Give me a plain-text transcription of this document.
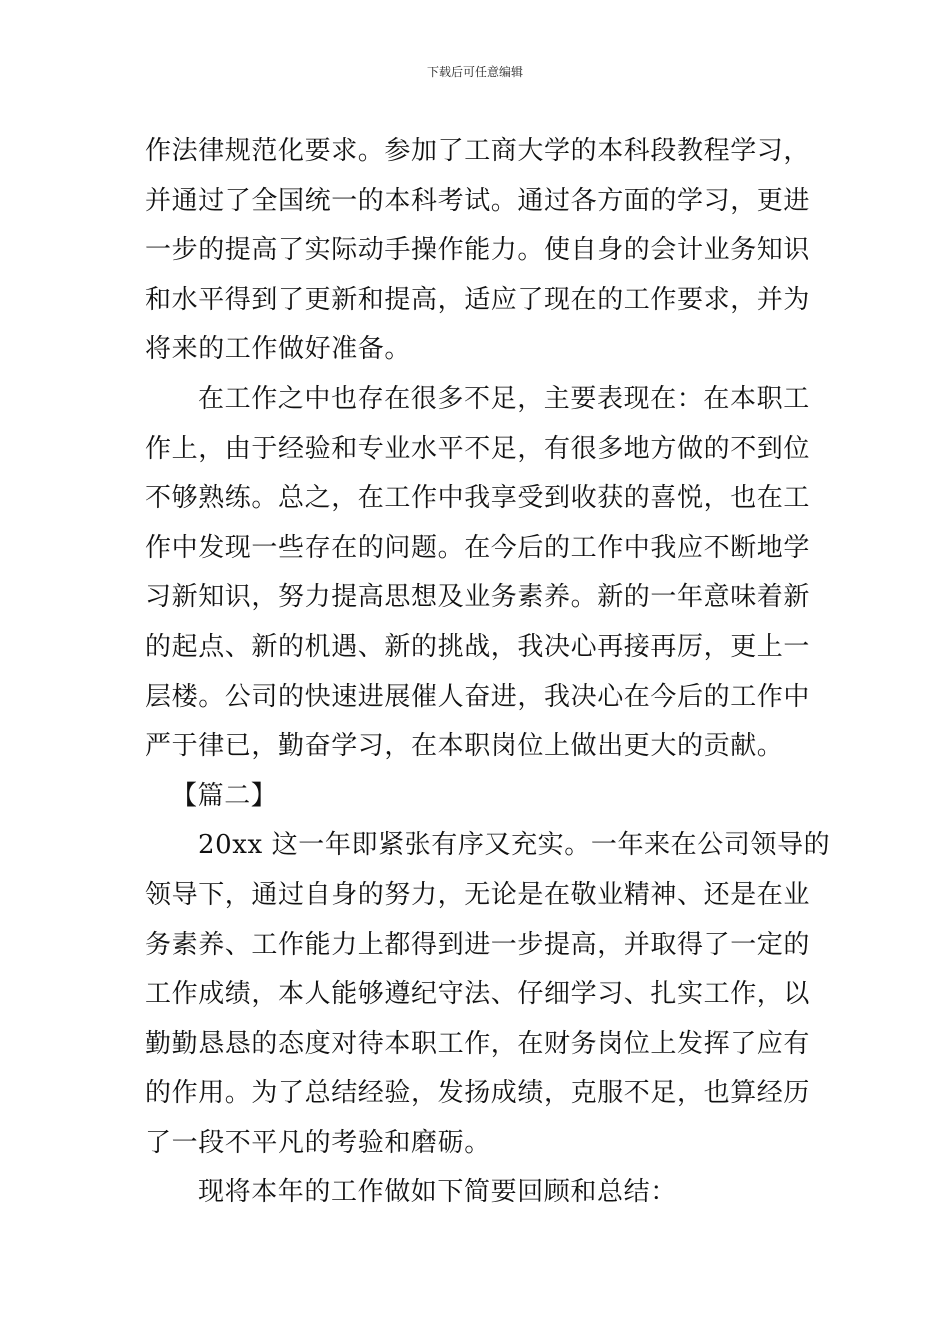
下载后可任意编辑
作法律规范化要求。参加了工商大学的本科段教程学习，
并通过了全国统一的本科考试。通过各方面的学习，更进
一步的提高了实际动手操作能力。使自身的会计业务知识
和水平得到了更新和提高，适应了现在的工作要求，并为
将来的工作做好准备。
在工作之中也存在很多不足，主要表现在：在本职工
作上，由于经验和专业水平不足，有很多地方做的不到位
不够熟练。总之，在工作中我享受到收获的喜悦，也在工
作中发现一些存在的问题。在今后的工作中我应不断地学
习新知识，努力提高思想及业务素养。新的一年意味着新
的起点、新的机遇、新的挑战，我决心再接再厉，更上一
层楼。公司的快速进展催人奋进，我决心在今后的工作中
严于律已，勤奋学习，在本职岗位上做出更大的贡献。
【篇二】
20xx 这一年即紧张有序又充实。一年来在公司领导的
领导下，通过自身的努力，无论是在敬业精神、还是在业
务素养、工作能力上都得到进一步提高，并取得了一定的
工作成绩，本人能够遵纪守法、仔细学习、扎实工作，以
勤勤恳恳的态度对待本职工作，在财务岗位上发挥了应有
的作用。为了总结经验，发扬成绩，克服不足，也算经历
了一段不平凡的考验和磨砺。
现将本年的工作做如下简要回顾和总结：
